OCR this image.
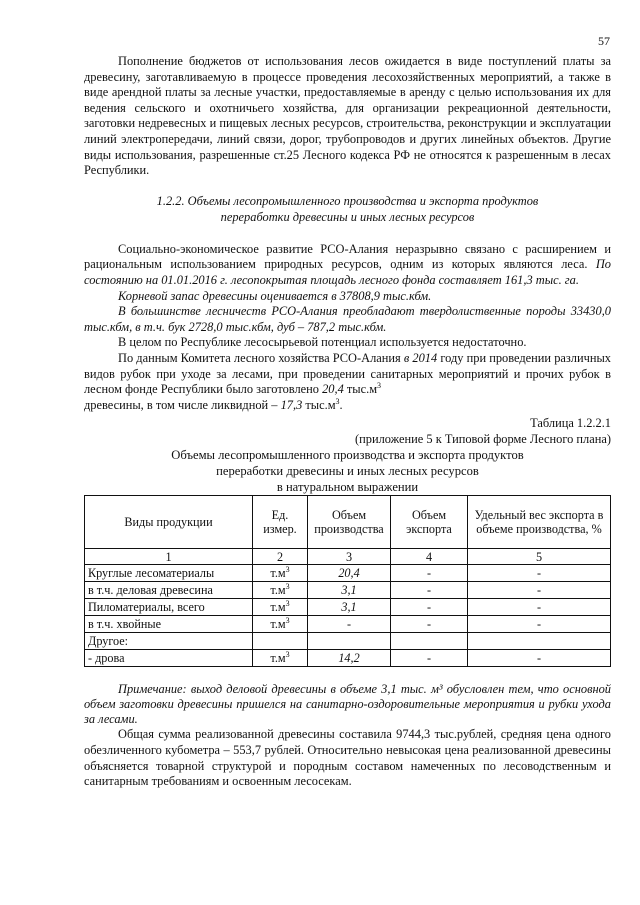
57

Пополнение бюджетов от использования лесов ожидается в виде поступлений платы за древесину, заготавливаемую в процессе проведения лесохозяйственных мероприятий, а также в виде арендной платы за лесные участки, предоставляемые в аренду с целью использования их для ведения сельского и охотничьего хозяйства, для организации рекреационной деятельности, заготовки недревесных и пищевых лесных ресурсов, строительства, реконструкции и эксплуатации линий электропередачи, линий связи, дорог, трубопроводов и других линейных объектов. Другие виды использования, разрешенные ст.25 Лесного кодекса РФ не относятся к разрешенным в лесах Республики.

1.2.2. Объемы лесопромышленного производства и экспорта продуктов
переработки древесины и иных лесных ресурсов

Социально-экономическое развитие РСО-Алания неразрывно связано с расширением и рациональным использованием природных ресурсов, одним из которых являются леса. По состоянию на 01.01.2016 г. лесопокрытая площадь лесного фонда составляет 161,3 тыс. га.

Корневой запас древесины оценивается в 37808,9 тыс.кбм.

В большинстве лесничеств РСО-Алания преобладают твердолиственные породы 33430,0 тыс.кбм, в т.ч. бук 2728,0 тыс.кбм, дуб – 787,2 тыс.кбм.

В целом по Республике лесосырьевой потенциал используется недостаточно.

По данным Комитета лесного хозяйства РСО-Алания в 2014 году при проведении различных видов рубок при уходе за лесами, при проведении санитарных мероприятий и прочих рубок в лесном фонде Республики было заготовлено 20,4 $тыс.м^3$
древесины, в том числе ликвидной – 17,3 $тыс.м^3$.

Таблица 1.2.2.1
(приложение 5 к Типовой форме Лесного плана)
Объемы лесопромышленного производства и экспорта продуктов
переработки древесины и иных лесных ресурсов
в натуральном выражении
Виды продукции	Ед. измер.	Объем производства	Объем экспорта	Удельный вес экспорта в объеме производства, %
1	2	3	4	5
Круглые лесоматериалы	$т.м^3$	20,4	-	-
в т.ч. деловая древесина	$т.м^3$	3,1	-	-
Пиломатериалы, всего	$т.м^3$	3,1	-	-
в т.ч. хвойные	$т.м^3$	-	-	-
Другое:				
- дрова	$т.м^3$	14,2	-	-

Примечание: выход деловой древесины в объеме 3,1 тыс. м³ обусловлен тем, что основной объем заготовки древесины пришелся на санитарно-оздоровительные мероприятия и рубки ухода за лесами.

Общая сумма реализованной древесины составила 9744,3 тыс.рублей, средняя цена одного обезличенного кубометра – 553,7 рублей. Относительно невысокая цена реализованной древесины объясняется товарной структурой и породным составом намеченных по лесоводственным и санитарным требованиям и освоенным лесосекам.
